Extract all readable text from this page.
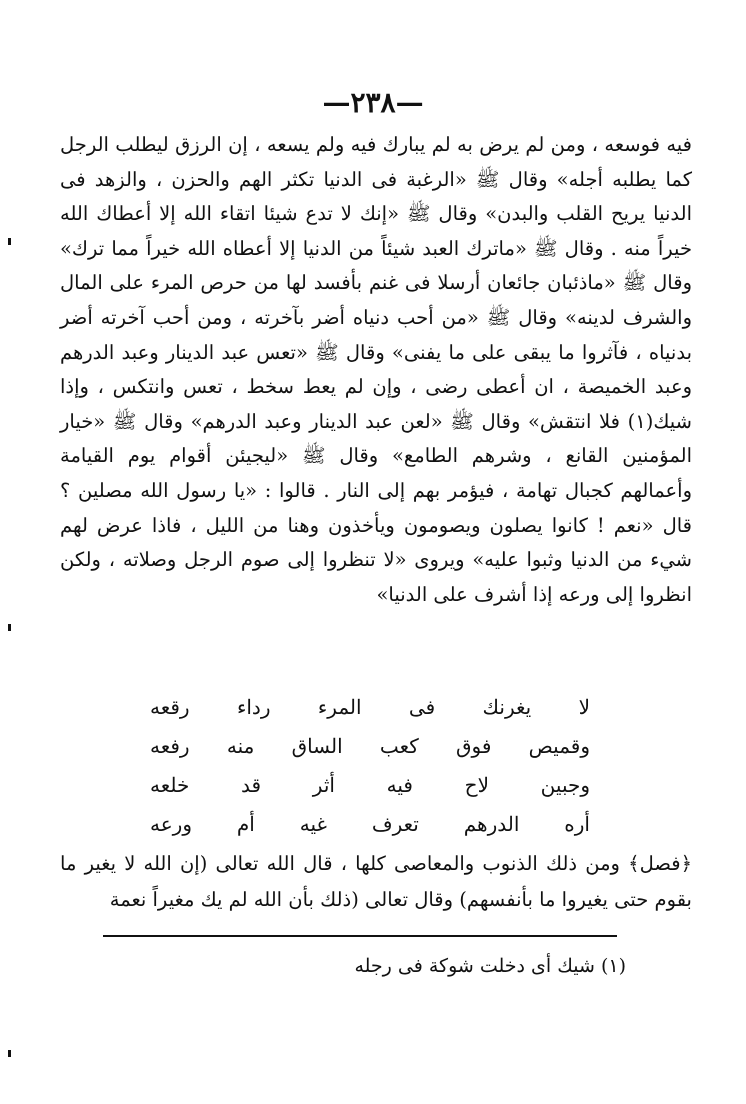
—٢٣٨—

فيه فوسعه ، ومن لم يرض به لم يبارك فيه ولم يسعه ، إن الرزق ليطلب الرجل كما يطلبه أجله» وقال ﷺ «الرغبة فى الدنيا تكثر الهم والحزن ، والزهد فى الدنيا يريح القلب والبدن» وقال ﷺ «إنك لا تدع شيئا اتقاء الله إلا أعطاك الله خيراً منه . وقال ﷺ «ماترك العبد شيئاً من الدنيا إلا أعطاه الله خيراً مما ترك» وقال ﷺ «ماذئبان جائعان أرسلا فى غنم بأفسد لها من حرص المرء على المال والشرف لدينه» وقال ﷺ «من أحب دنياه أضر بآخرته ، ومن أحب آخرته أضر بدنياه ، فآثروا ما يبقى على ما يفنى» وقال ﷺ «تعس عبد الدينار وعبد الدرهم وعبد الخميصة ، ان أعطى رضى ، وإن لم يعط سخط ، تعس وانتكس ، وإذا شيك(١) فلا انتقش» وقال ﷺ «لعن عبد الدينار وعبد الدرهم» وقال ﷺ «خيار المؤمنين القانع ، وشرهم الطامع» وقال ﷺ «ليجيئن أقوام يوم القيامة وأعمالهم كجبال تهامة ، فيؤمر بهم إلى النار . قالوا : «يا رسول الله مصلين ؟ قال «نعم ! كانوا يصلون ويصومون ويأخذون وهنا من الليل ، فاذا عرض لهم شيء من الدنيا وثبوا عليه» ويروى «لا تنظروا إلى صوم الرجل وصلاته ، ولكن انظروا إلى ورعه إذا أشرف على الدنيا»

لا يغرنك فى المرء رداء رقعه
وقميص فوق كعب الساق منه رفعه
وجبين لاح فيه أثر قد خلعه
أره الدرهم تعرف غيه أم ورعه

﴿فصل﴾ ومن ذلك الذنوب والمعاصى كلها ، قال الله تعالى (إن الله لا يغير ما بقوم حتى يغيروا ما بأنفسهم) وقال تعالى (ذلك بأن الله لم يك مغيراً نعمة

(١) شيك أى دخلت شوكة فى رجله
